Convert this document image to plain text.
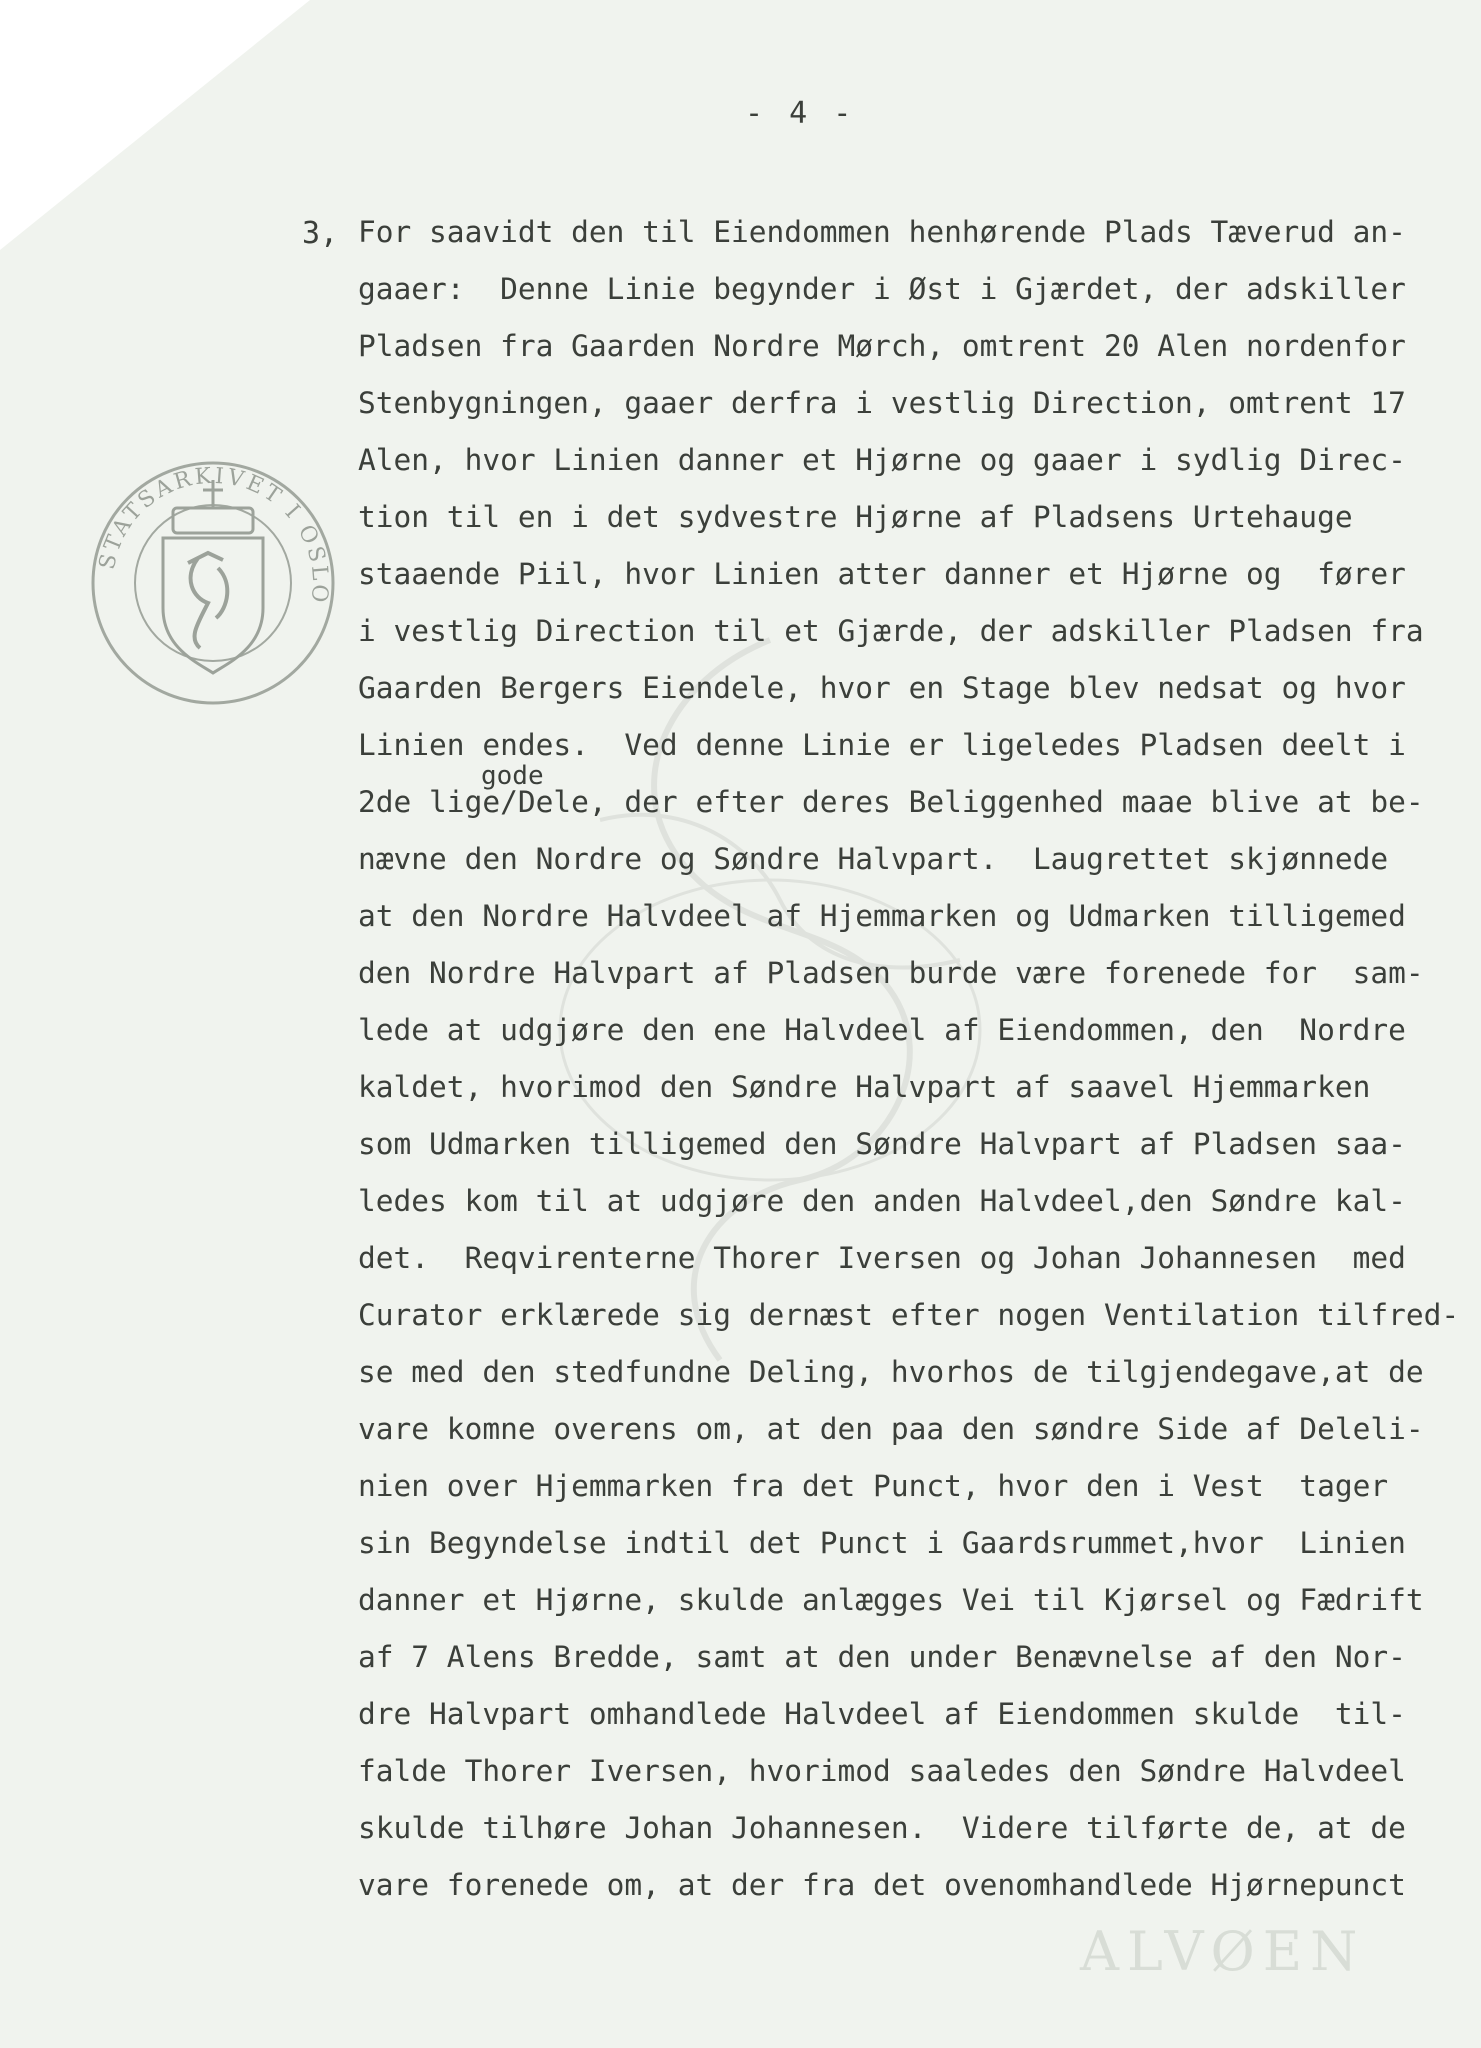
- 4 -
3,
STATSARKIVET I OSLO
gode
For saavidt den til Eiendommen henhørende Plads Tæverud an-
gaaer:  Denne Linie begynder i Øst i Gjærdet, der adskiller
Pladsen fra Gaarden Nordre Mørch, omtrent 20 Alen nordenfor
Stenbygningen, gaaer derfra i vestlig Direction, omtrent 17
Alen, hvor Linien danner et Hjørne og gaaer i sydlig Direc-
tion til en i det sydvestre Hjørne af Pladsens Urtehauge
staaende Piil, hvor Linien atter danner et Hjørne og  fører
i vestlig Direction til et Gjærde, der adskiller Pladsen fra
Gaarden Bergers Eiendele, hvor en Stage blev nedsat og hvor
Linien endes.  Ved denne Linie er ligeledes Pladsen deelt i
2de lige/Dele, der efter deres Beliggenhed maae blive at be-
nævne den Nordre og Søndre Halvpart.  Laugrettet skjønnede
at den Nordre Halvdeel af Hjemmarken og Udmarken tilligemed
den Nordre Halvpart af Pladsen burde være forenede for  sam-
lede at udgjøre den ene Halvdeel af Eiendommen, den  Nordre
kaldet, hvorimod den Søndre Halvpart af saavel Hjemmarken
som Udmarken tilligemed den Søndre Halvpart af Pladsen saa-
ledes kom til at udgjøre den anden Halvdeel,den Søndre kal-
det.  Reqvirenterne Thorer Iversen og Johan Johannesen  med
Curator erklærede sig dernæst efter nogen Ventilation tilfred-
se med den stedfundne Deling, hvorhos de tilgjendegave,at de
vare komne overens om, at den paa den søndre Side af Deleli-
nien over Hjemmarken fra det Punct, hvor den i Vest  tager
sin Begyndelse indtil det Punct i Gaardsrummet,hvor  Linien
danner et Hjørne, skulde anlægges Vei til Kjørsel og Fædrift
af 7 Alens Bredde, samt at den under Benævnelse af den Nor-
dre Halvpart omhandlede Halvdeel af Eiendommen skulde  til-
falde Thorer Iversen, hvorimod saaledes den Søndre Halvdeel
skulde tilhøre Johan Johannesen.  Videre tilførte de, at de
vare forenede om, at der fra det ovenomhandlede Hjørnepunct
ALVØEN
